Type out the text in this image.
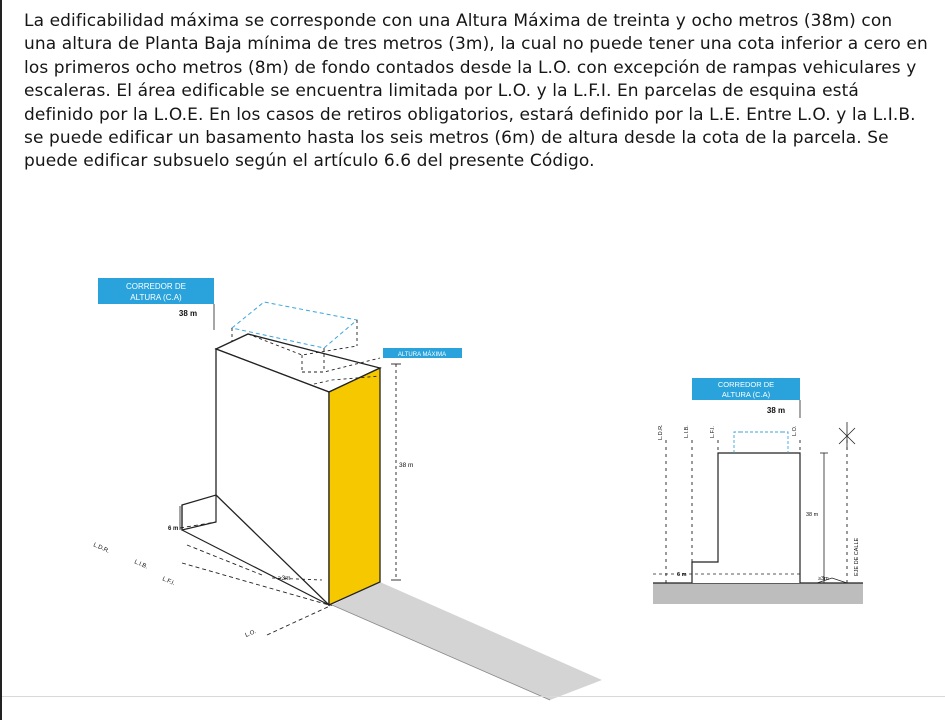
La edificabilidad máxima se corresponde con una Altura Máxima de treinta y ocho metros (38m) con una altura de Planta Baja mínima de tres metros (3m), la cual no puede tener una cota inferior a cero en los primeros ocho metros (8m) de fondo contados desde la L.O. con excepción de rampas vehiculares y escaleras. El área edificable se encuentra limitada por L.O. y la L.F.I. En parcelas de esquina está definido por la L.O.E. En los casos de retiros obligatorios, estará definido por la L.E. Entre L.O. y la L.I.B. se puede edificar un basamento hasta los seis metros (6m) de altura desde la cota de la parcela. Se puede edificar subsuelo según el artículo 6.6 del presente Código.
CORREDOR DE
ALTURA (C.A)
38 m
ALTURA MÁXIMA
38 m
6 m
≥3m
L.D.R.
L.I.B.
L.F.I.
L.O.
CORREDOR DE
ALTURA (C.A)
38 m
L.D.R.	L.I.B.	L.F.I.	L.O.
38 m
6 m
≥3m
EJE DE CALLE
